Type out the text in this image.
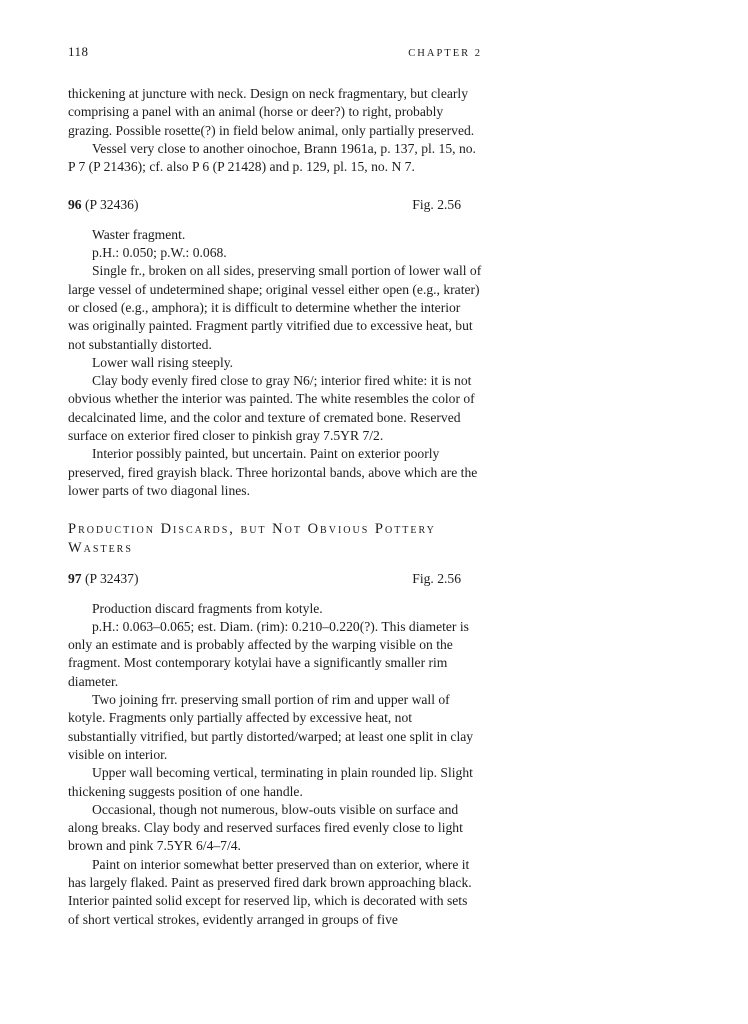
118	CHAPTER 2

thickening at juncture with neck. Design on neck fragmentary, but clearly comprising a panel with an animal (horse or deer?) to right, probably grazing. Possible rosette(?) in field below animal, only partially preserved.

Vessel very close to another oinochoe, Brann 1961a, p. 137, pl. 15, no. P 7 (P 21436); cf. also P 6 (P 21428) and p. 129, pl. 15, no. N 7.

96 (P 32436)	Fig. 2.56

Waster fragment.

p.H.: 0.050; p.W.: 0.068.

Single fr., broken on all sides, preserving small portion of lower wall of large vessel of undetermined shape; original vessel either open (e.g., krater) or closed (e.g., amphora); it is difficult to determine whether the interior was originally painted. Fragment partly vitrified due to excessive heat, but not substantially distorted.

Lower wall rising steeply.

Clay body evenly fired close to gray N6/; interior fired white: it is not obvious whether the interior was painted. The white resembles the color of decalcinated lime, and the color and texture of cremated bone. Reserved surface on exterior fired closer to pinkish gray 7.5YR 7/2.

Interior possibly painted, but uncertain. Paint on exterior poorly preserved, fired grayish black. Three horizontal bands, above which are the lower parts of two diagonal lines.

Production Discards, but Not Obvious Pottery Wasters
97 (P 32437)	Fig. 2.56

Production discard fragments from kotyle.

p.H.: 0.063–0.065; est. Diam. (rim): 0.210–0.220(?). This diameter is only an estimate and is probably affected by the warping visible on the fragment. Most contemporary kotylai have a significantly smaller rim diameter.

Two joining frr. preserving small portion of rim and upper wall of kotyle. Fragments only partially affected by excessive heat, not substantially vitrified, but partly distorted/warped; at least one split in clay visible on interior.

Upper wall becoming vertical, terminating in plain rounded lip. Slight thickening suggests position of one handle.

Occasional, though not numerous, blow-outs visible on surface and along breaks. Clay body and reserved surfaces fired evenly close to light brown and pink 7.5YR 6/4–7/4.

Paint on interior somewhat better preserved than on exterior, where it has largely flaked. Paint as preserved fired dark brown approaching black. Interior painted solid except for reserved lip, which is decorated with sets of short vertical strokes, evidently arranged in groups of five
